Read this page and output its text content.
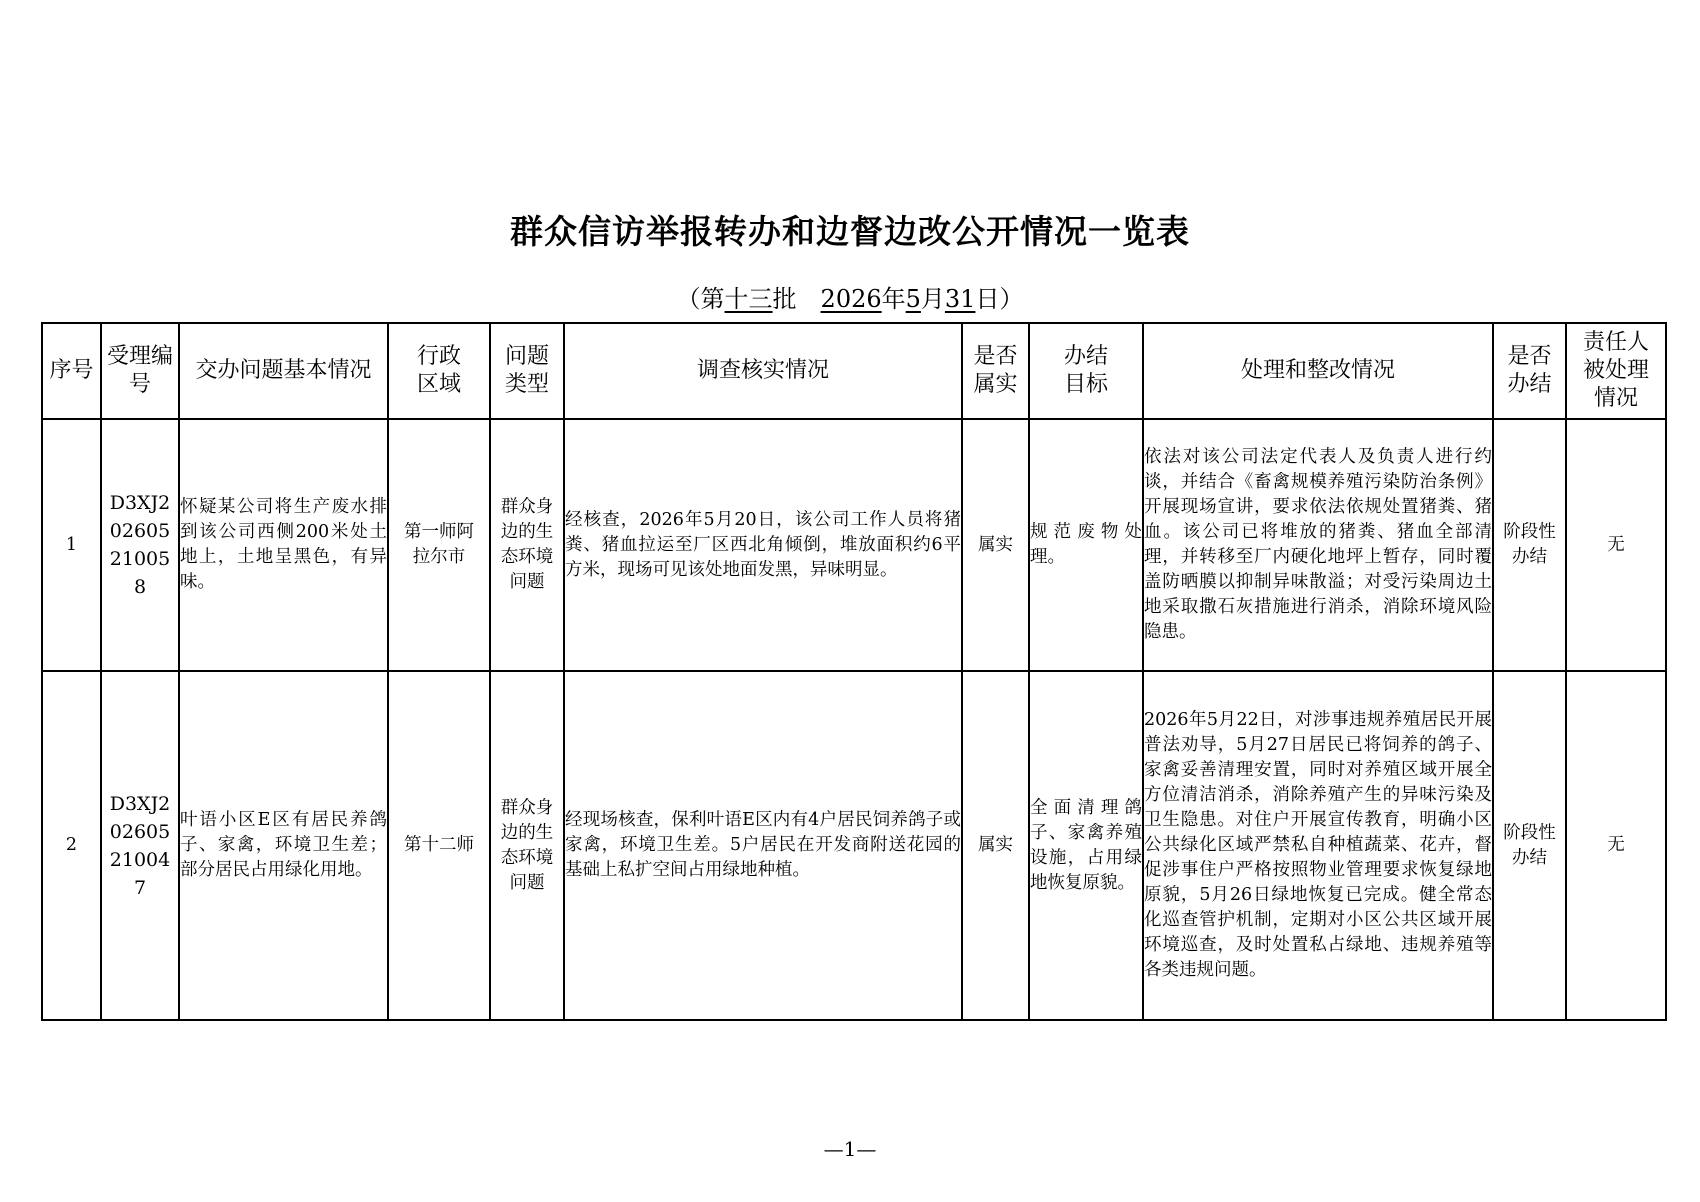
群众信访举报转办和边督边改公开情况一览表
（第十三批　2026年5月31日）
序号	受理编号	交办问题基本情况	行政区域	问题类型	调查核实情况	是否属实	办结目标	处理和整改情况	是否办结	责任人被处理情况
1	D3XJ202605210058	怀疑某公司将生产废水排到该公司西侧200米处土地上，土地呈黑色，有异味。	第一师阿拉尔市	群众身边的生态环境问题	经核查，2026年5月20日，该公司工作人员将猪粪、猪血拉运至厂区西北角倾倒，堆放面积约6平方米，现场可见该处地面发黑，异味明显。	属实	规范废物处理。	依法对该公司法定代表人及负责人进行约谈，并结合《畜禽规模养殖污染防治条例》开展现场宣讲，要求依法依规处置猪粪、猪血。该公司已将堆放的猪粪、猪血全部清理，并转移至厂内硬化地坪上暂存，同时覆盖防晒膜以抑制异味散溢；对受污染周边土地采取撒石灰措施进行消杀，消除环境风险隐患。	阶段性办结	无
2	D3XJ202605210047	叶语小区E区有居民养鸽子、家禽，环境卫生差；部分居民占用绿化用地。	第十二师	群众身边的生态环境问题	经现场核查，保利叶语E区内有4户居民饲养鸽子或家禽，环境卫生差。5户居民在开发商附送花园的基础上私扩空间占用绿地种植。	属实	全面清理鸽子、家禽养殖设施，占用绿地恢复原貌。	2026年5月22日，对涉事违规养殖居民开展普法劝导，5月27日居民已将饲养的鸽子、家禽妥善清理安置，同时对养殖区域开展全方位清洁消杀，消除养殖产生的异味污染及卫生隐患。对住户开展宣传教育，明确小区公共绿化区域严禁私自种植蔬菜、花卉，督促涉事住户严格按照物业管理要求恢复绿地原貌，5月26日绿地恢复已完成。健全常态化巡查管护机制，定期对小区公共区域开展环境巡查，及时处置私占绿地、违规养殖等各类违规问题。	阶段性办结	无
—1—
